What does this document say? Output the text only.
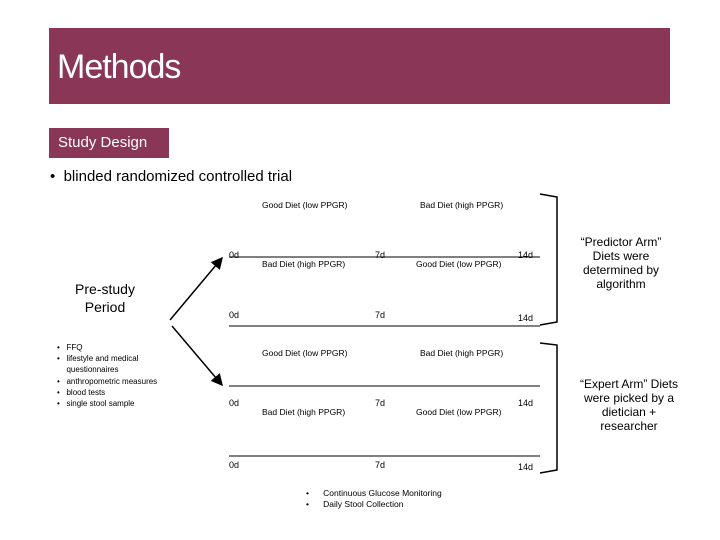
Methods
Study Design
•  blinded randomized controlled trial
Good Diet (low PPGR)	Bad Diet (high PPGR)
Bad Diet (high PPGR)	Good Diet (low PPGR)
Good Diet (low PPGR)	Bad Diet (high PPGR)
Bad Diet (high PPGR)	Good Diet (low PPGR)
0d	7d	14d
0d	7d	14d
0d	7d	14d
0d	7d	14d
Pre-study Period
•   FFQ
•   lifestyle and medical questionnaires
•   anthropometric measures
•   blood tests
•   single stool sample
“Predictor Arm” Diets were determined by algorithm
“Expert Arm” Diets were picked by a dietician + researcher
•      Continuous Glucose Monitoring
•      Daily Stool Collection
